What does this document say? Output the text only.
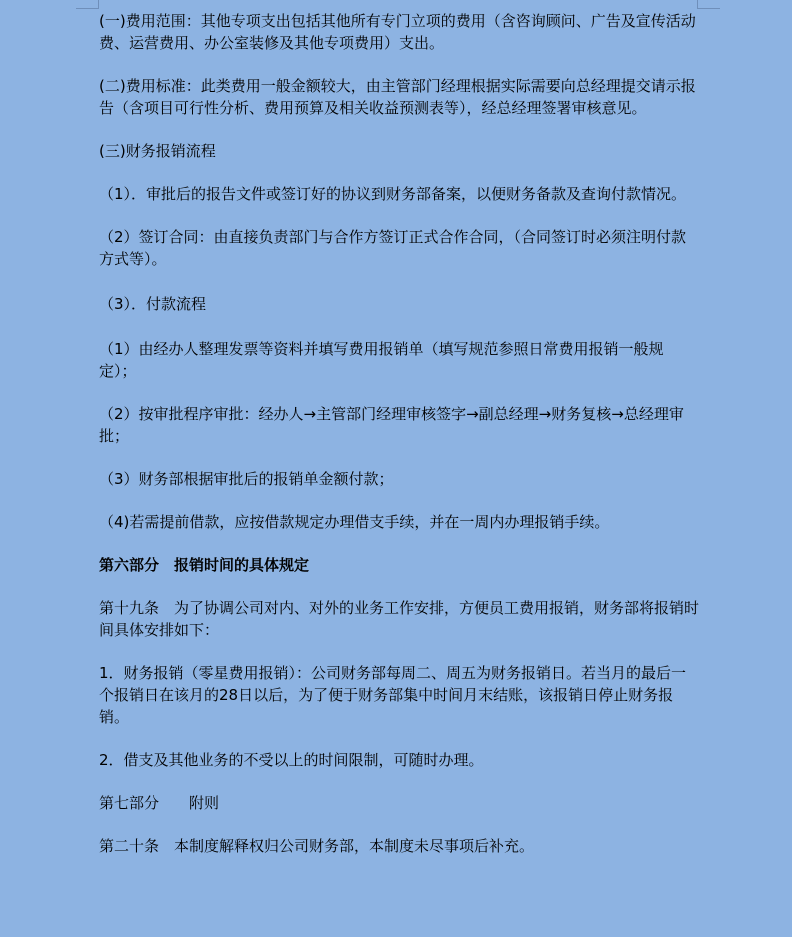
(一)费用范围：其他专项支出包括其他所有专门立项的费用（含咨询顾问、广告及宣传活动费、运营费用、办公室装修及其他专项费用）支出。

(二)费用标准：此类费用一般金额较大，由主管部门经理根据实际需要向总经理提交请示报告（含项目可行性分析、费用预算及相关收益预测表等），经总经理签署审核意见。

(三)财务报销流程

（1）．审批后的报告文件或签订好的协议到财务部备案，以便财务备款及查询付款情况。

（2）签订合同：由直接负责部门与合作方签订正式合作合同，（合同签订时必须注明付款方式等）。

（3）．付款流程

（1）由经办人整理发票等资料并填写费用报销单（填写规范参照日常费用报销一般规定）；

（2）按审批程序审批：经办人→主管部门经理审核签字→副总经理→财务复核→总经理审批；

（3）财务部根据审批后的报销单金额付款；

（4)若需提前借款，应按借款规定办理借支手续，并在一周内办理报销手续。

第六部分　报销时间的具体规定

第十九条　为了协调公司对内、对外的业务工作安排，方便员工费用报销，财务部将报销时间具体安排如下：

1．财务报销（零星费用报销）：公司财务部每周二、周五为财务报销日。若当月的最后一个报销日在该月的28日以后，为了便于财务部集中时间月末结账，该报销日停止财务报销。

2．借支及其他业务的不受以上的时间限制，可随时办理。

第七部分　　附则

第二十条　本制度解释权归公司财务部，本制度未尽事项后补充。
